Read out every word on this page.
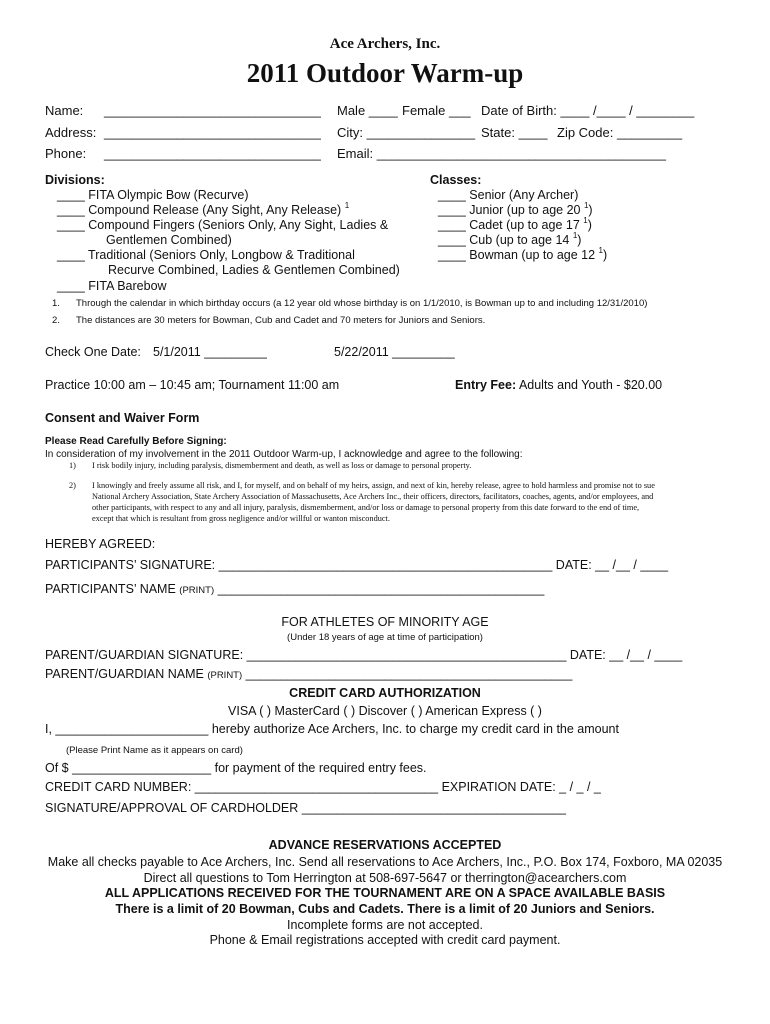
Ace Archers, Inc.
2011 Outdoor Warm-up
Name: ______________________________ Male ____ Female ___ Date of Birth: ____ /____ / ________
Address: ______________________________ City: _______________ State: ____ Zip Code: _________
Phone: ______________________________ Email: ________________________________________
Divisions:
____ FITA Olympic Bow (Recurve)
____ Compound Release (Any Sight, Any Release) $^1$
____ Compound Fingers (Seniors Only, Any Sight, Ladies &
Gentlemen Combined)
____ Traditional (Seniors Only, Longbow & Traditional
Recurve Combined, Ladies & Gentlemen Combined)
____ FITA Barebow
Classes:
____ Senior (Any Archer)
____ Junior (up to age 20 $^1$)
____ Cadet (up to age 17 $^1$)
____ Cub (up to age 14 $^1$)
____ Bowman (up to age 12 $^1$)
1. Through the calendar in which birthday occurs (a 12 year old whose birthday is on 1/1/2010, is Bowman up to and including 12/31/2010)
2. The distances are 30 meters for Bowman, Cub and Cadet and 70 meters for Juniors and Seniors.
Check One Date: 5/1/2011 _________	5/22/2011 _________
Practice 10:00 am – 10:45 am; Tournament 11:00 am	Entry Fee: Adults and Youth - $20.00
Consent and Waiver Form
Please Read Carefully Before Signing:
In consideration of my involvement in the 2011 Outdoor Warm-up, I acknowledge and agree to the following:
1) I risk bodily injury, including paralysis, dismemberment and death, as well as loss or damage to personal property.
2) I knowingly and freely assume all risk, and I, for myself, and on behalf of my heirs, assign, and next of kin, hereby release, agree to hold harmless and promise not to sue
National Archery Association, State Archery Association of Massachusetts, Ace Archers Inc., their officers, directors, facilitators, coaches, agents, and/or employees, and
other participants, with respect to any and all injury, paralysis, dismemberment, and/or loss or damage to personal property from this date forward to the end of time,
except that which is resultant from gross negligence and/or willful or wanton misconduct.
HEREBY AGREED:
PARTICIPANTS’ SIGNATURE: ________________________________________________ DATE: __ /__ / ____
PARTICIPANTS’ NAME (PRINT) _______________________________________________
FOR ATHLETES OF MINORITY AGE
(Under 18 years of age at time of participation)
PARENT/GUARDIAN SIGNATURE: ______________________________________________ DATE: __ /__ / ____
PARENT/GUARDIAN NAME (PRINT) _______________________________________________
CREDIT CARD AUTHORIZATION
VISA ( ) MasterCard ( ) Discover ( ) American Express ( )
I, ______________________ hereby authorize Ace Archers, Inc. to charge my credit card in the amount
(Please Print Name as it appears on card)
Of $ ____________________ for payment of the required entry fees.
CREDIT CARD NUMBER: ___________________________________ EXPIRATION DATE: _ / _ / _
SIGNATURE/APPROVAL OF CARDHOLDER ______________________________________
ADVANCE RESERVATIONS ACCEPTED
Make all checks payable to Ace Archers, Inc. Send all reservations to Ace Archers, Inc., P.O. Box 174, Foxboro, MA 02035
Direct all questions to Tom Herrington at 508-697-5647 or therrington@acearchers.com
ALL APPLICATIONS RECEIVED FOR THE TOURNAMENT ARE ON A SPACE AVAILABLE BASIS
There is a limit of 20 Bowman, Cubs and Cadets. There is a limit of 20 Juniors and Seniors.
Incomplete forms are not accepted.
Phone & Email registrations accepted with credit card payment.
